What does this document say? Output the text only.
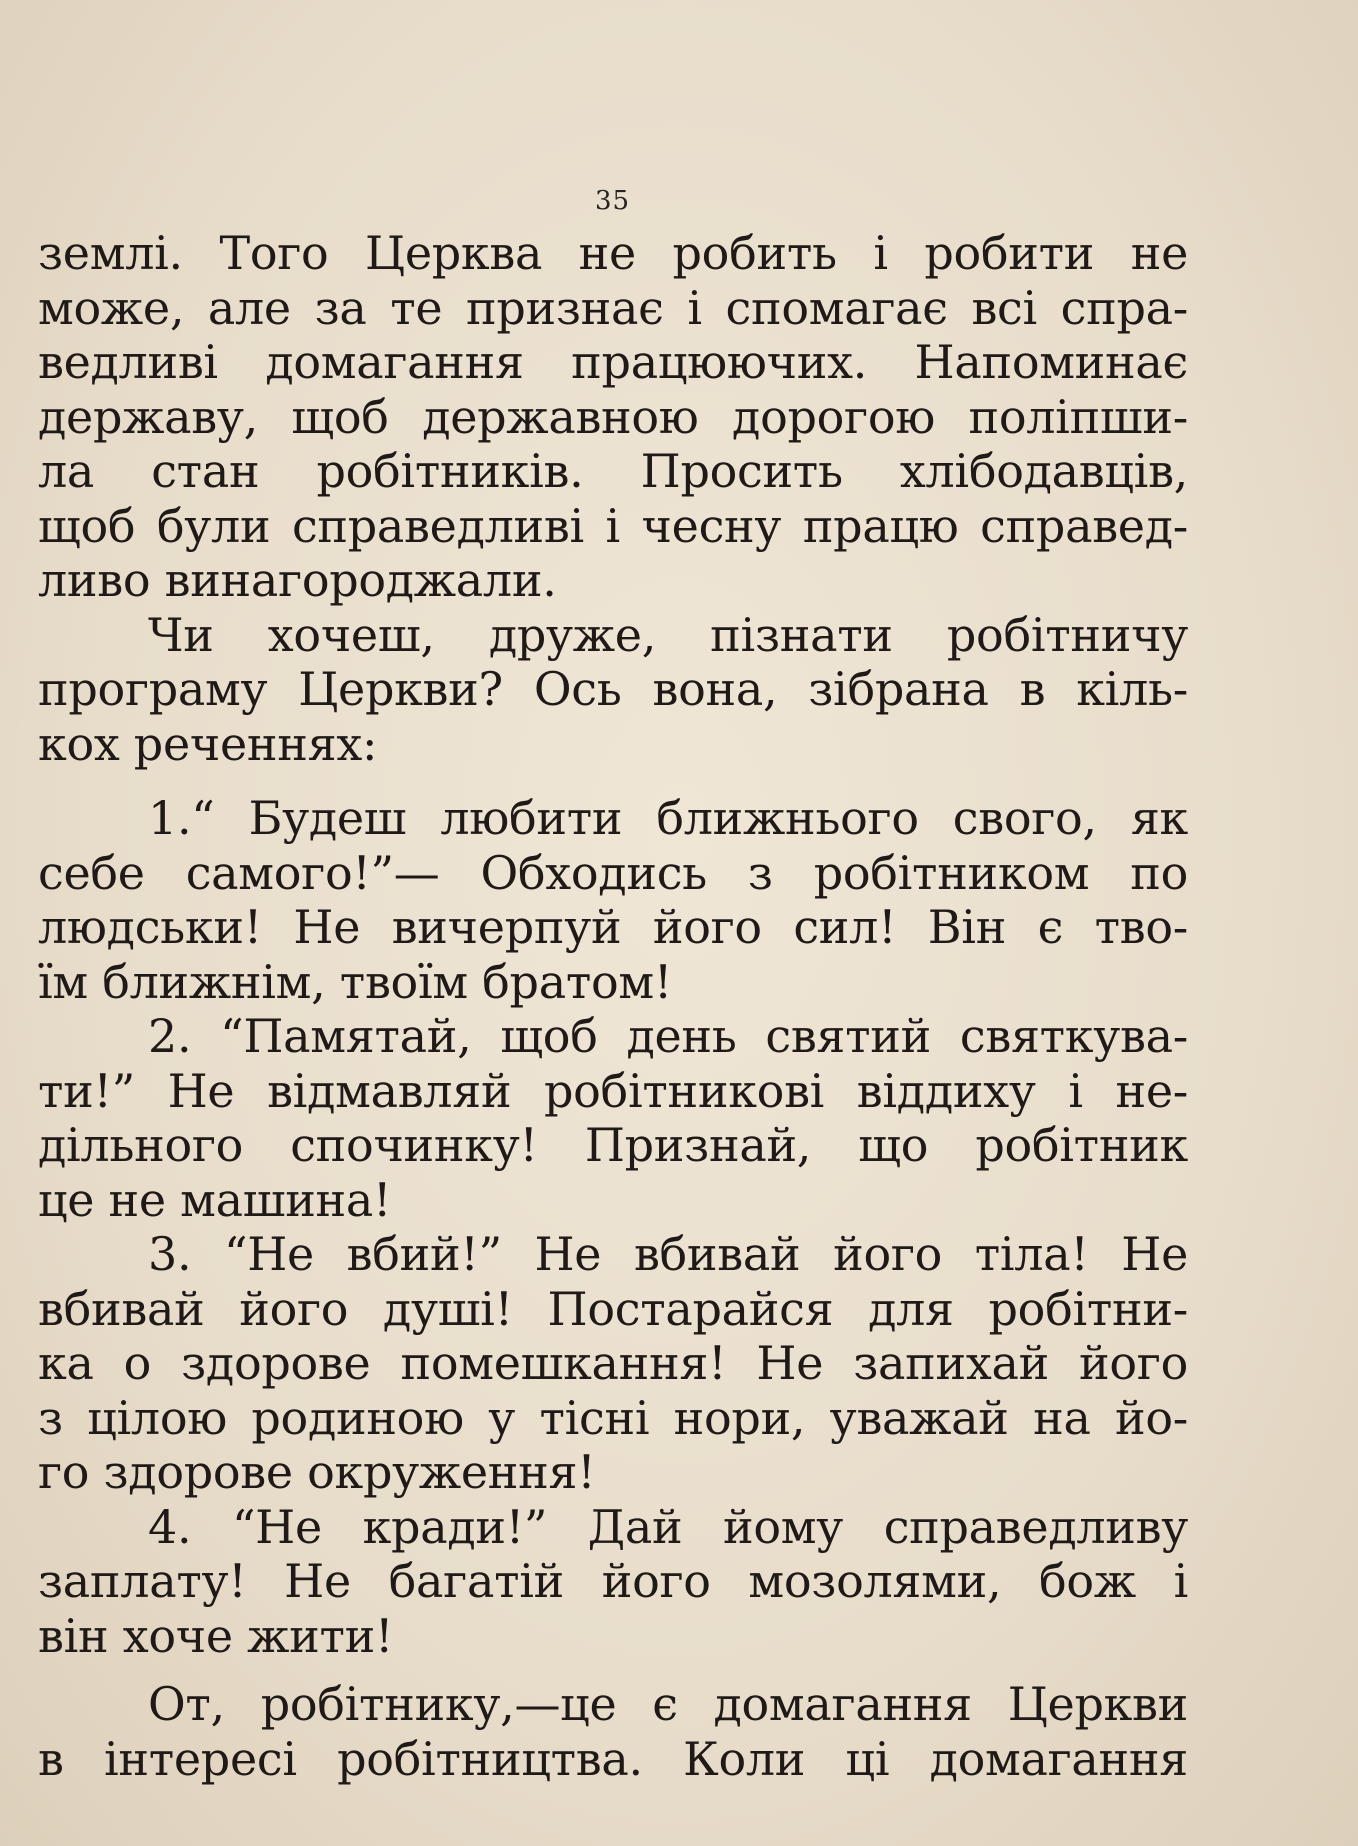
35
землі. Того Церква не робить і робити не
може, але за те признає і спомагає всі спра-
ведливі домагання працюючих. Напоминає
державу, щоб державною дорогою поліпши-
ла стан робітників. Просить хлібодавців,
щоб були справедливі і чесну працю справед-
ливо винагороджали.
Чи хочеш, друже, пізнати робітничу
програму Церкви? Ось вона, зібрана в кіль-
кох реченнях:
1.“ Будеш любити ближнього свого, як
себе самого!”— Обходись з робітником по
людськи! Не вичерпуй його сил! Він є тво-
їм ближнім, твоїм братом!
2. “Памятай, щоб день святий святкува-
ти!” Не відмавляй робітникові віддиху і не-
дільного спочинку! Признай, що робітник
це не машина!
3. “Не вбий!” Не вбивай його тіла! Не
вбивай його душі! Постарайся для робітни-
ка о здорове помешкання! Не запихай його
з цілою родиною у тісні нори, уважай на йо-
го здорове окруження!
4. “Не кради!” Дай йому справедливу
заплату! Не багатій його мозолями, бож і
він хоче жити!
От, робітнику,—це є домагання Церкви
в інтересі робітництва. Коли ці домагання
